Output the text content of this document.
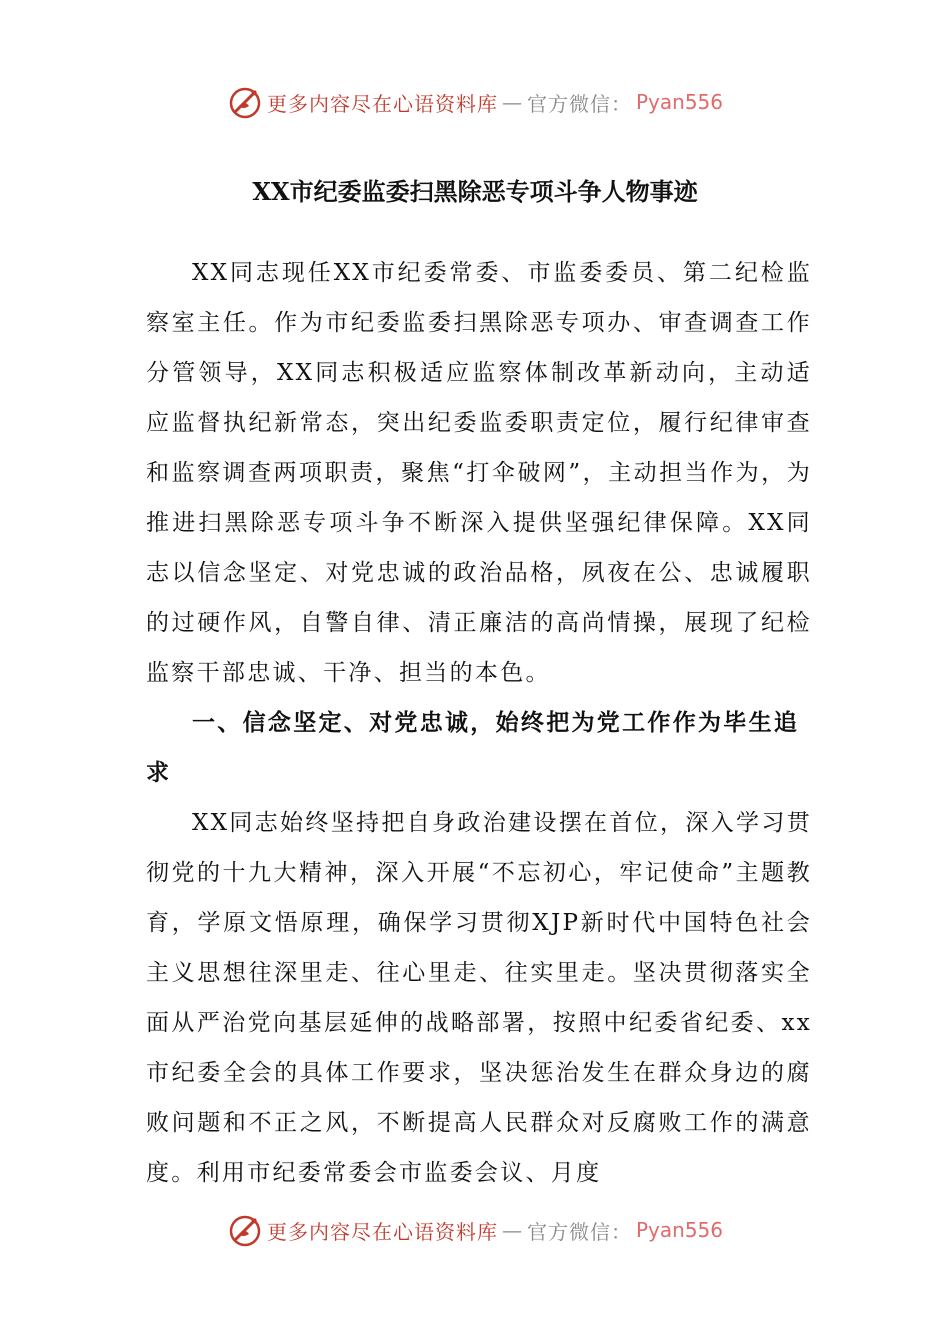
更多内容尽在心语资料库 — 官方微信： Pyan556
XX市纪委监委扫黑除恶专项斗争人物事迹

XX同志现任XX市纪委常委、市监委委员、第二纪检监察室主任。作为市纪委监委扫黑除恶专项办、审查调查工作分管领导，XX同志积极适应监察体制改革新动向，主动适应监督执纪新常态，突出纪委监委职责定位，履行纪律审查和监察调查两项职责，聚焦“打伞破网”，主动担当作为，为推进扫黑除恶专项斗争不断深入提供坚强纪律保障。XX同志以信念坚定、对党忠诚的政治品格，夙夜在公、忠诚履职的过硬作风，自警自律、清正廉洁的高尚情操，展现了纪检监察干部忠诚、干净、担当的本色。

一、信念坚定、对党忠诚，始终把为党工作作为毕生追求

XX同志始终坚持把自身政治建设摆在首位，深入学习贯彻党的十九大精神，深入开展“不忘初心，牢记使命”主题教育，学原文悟原理，确保学习贯彻XJP新时代中国特色社会主义思想往深里走、往心里走、往实里走。坚决贯彻落实全面从严治党向基层延伸的战略部署，按照中纪委省纪委、xx市纪委全会的具体工作要求，坚决惩治发生在群众身边的腐败问题和不正之风，不断提高人民群众对反腐败工作的满意度。利用市纪委常委会市监委会议、月度

更多内容尽在心语资料库 — 官方微信： Pyan556
